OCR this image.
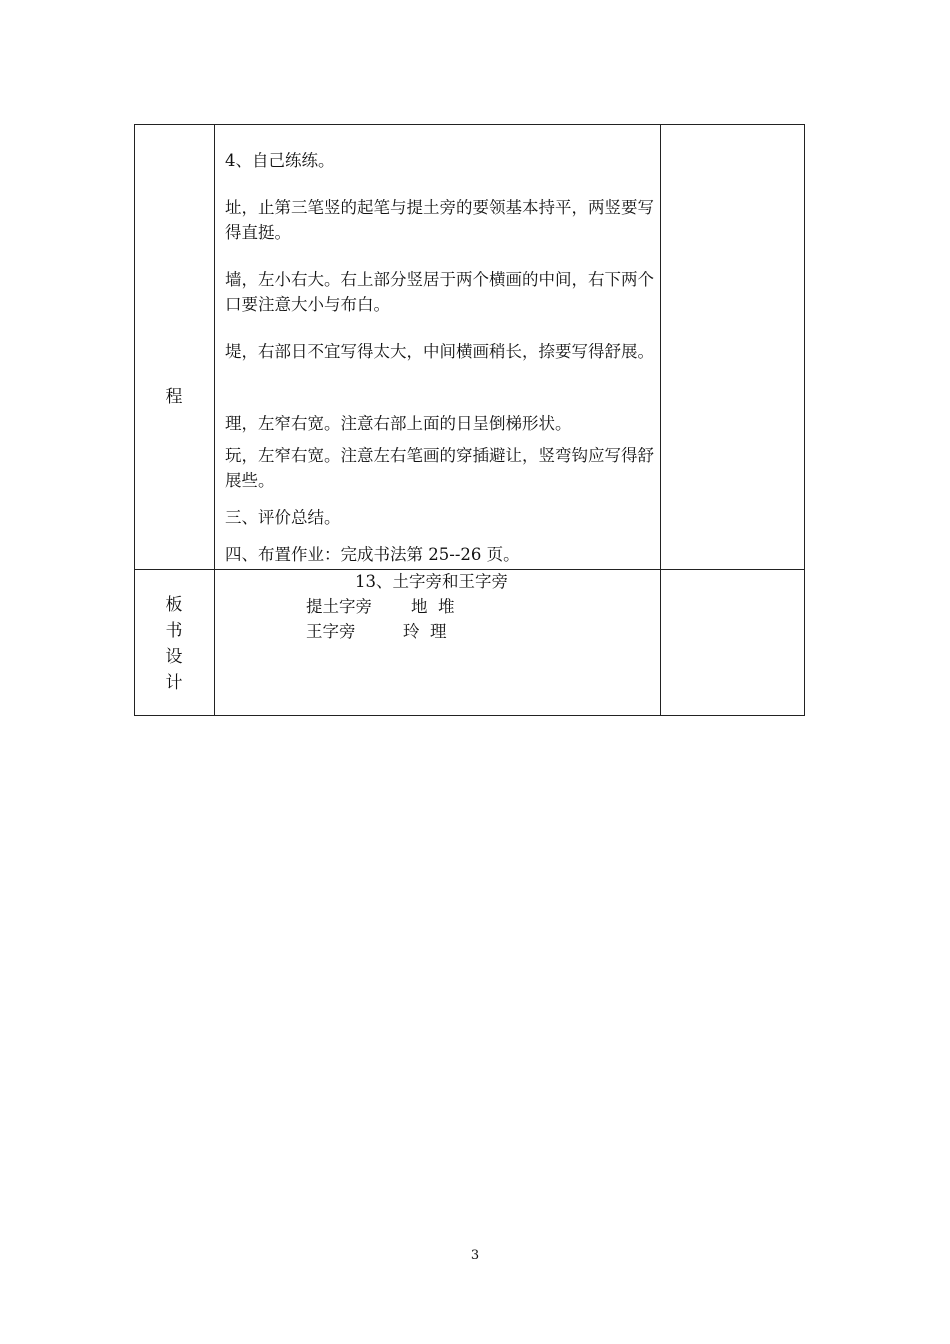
程
4、自己练练。
址，止第三笔竖的起笔与提土旁的要领基本持平，两竖要写得直挺。
墙，左小右大。右上部分竖居于两个横画的中间，右下两个口要注意大小与布白。
堤，右部日不宜写得太大，中间横画稍长，捺要写得舒展。
理，左窄右宽。注意右部上面的日呈倒梯形状。
玩，左窄右宽。注意左右笔画的穿插避让，竖弯钩应写得舒展些。
三、评价总结。
四、布置作业：完成书法第 25--26 页。
板
书
设
计
13、土字旁和王字旁
提土字旁 地  堆
王字旁	玲  理
3
